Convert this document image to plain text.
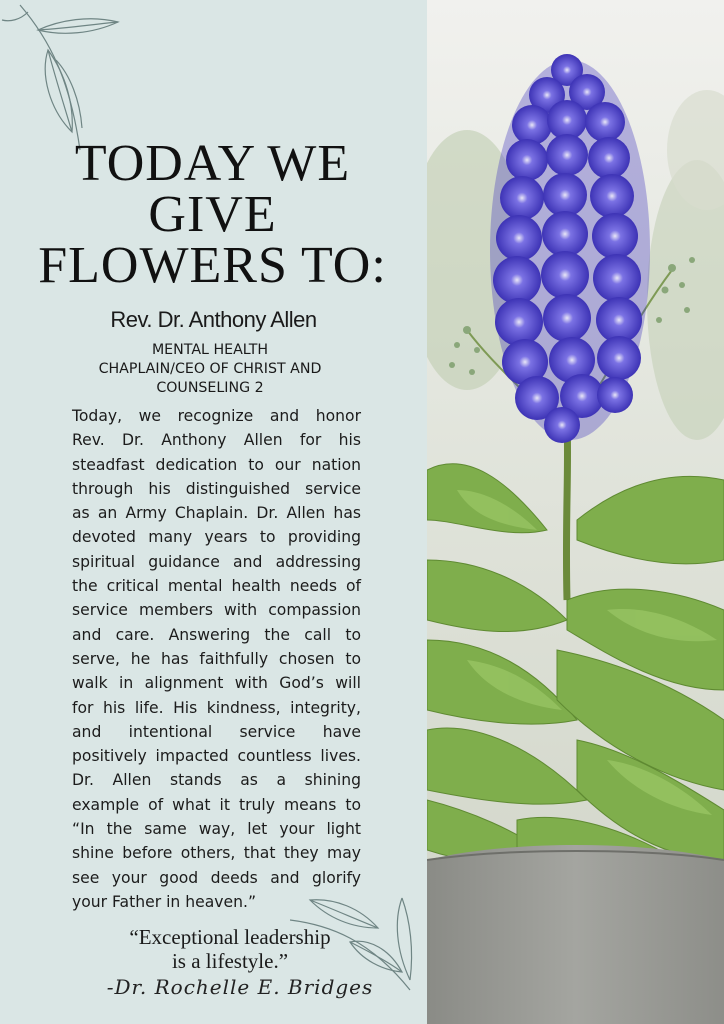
TODAY WE
GIVE
FLOWERS TO:
Rev. Dr. Anthony Allen
MENTAL HEALTH
CHAPLAIN/CEO OF CHRIST AND
COUNSELING 2
Today, we recognize and honor
Rev. Dr. Anthony Allen for his
steadfast dedication to our nation
through his distinguished service
as an Army Chaplain. Dr. Allen has
devoted many years to providing
spiritual guidance and addressing
the critical mental health needs of
service members with compassion
and care. Answering the call to
serve, he has faithfully chosen to
walk in alignment with God’s will
for his life. His kindness, integrity,
and intentional service have
positively impacted countless lives.
Dr. Allen stands as a shining
example of what it truly means to
“In the same way, let your light
shine before others, that they may
see your good deeds and glorify
your Father in heaven.”
“Exceptional leadership
is a lifestyle.”
-Dr. Rochelle E. Bridges
